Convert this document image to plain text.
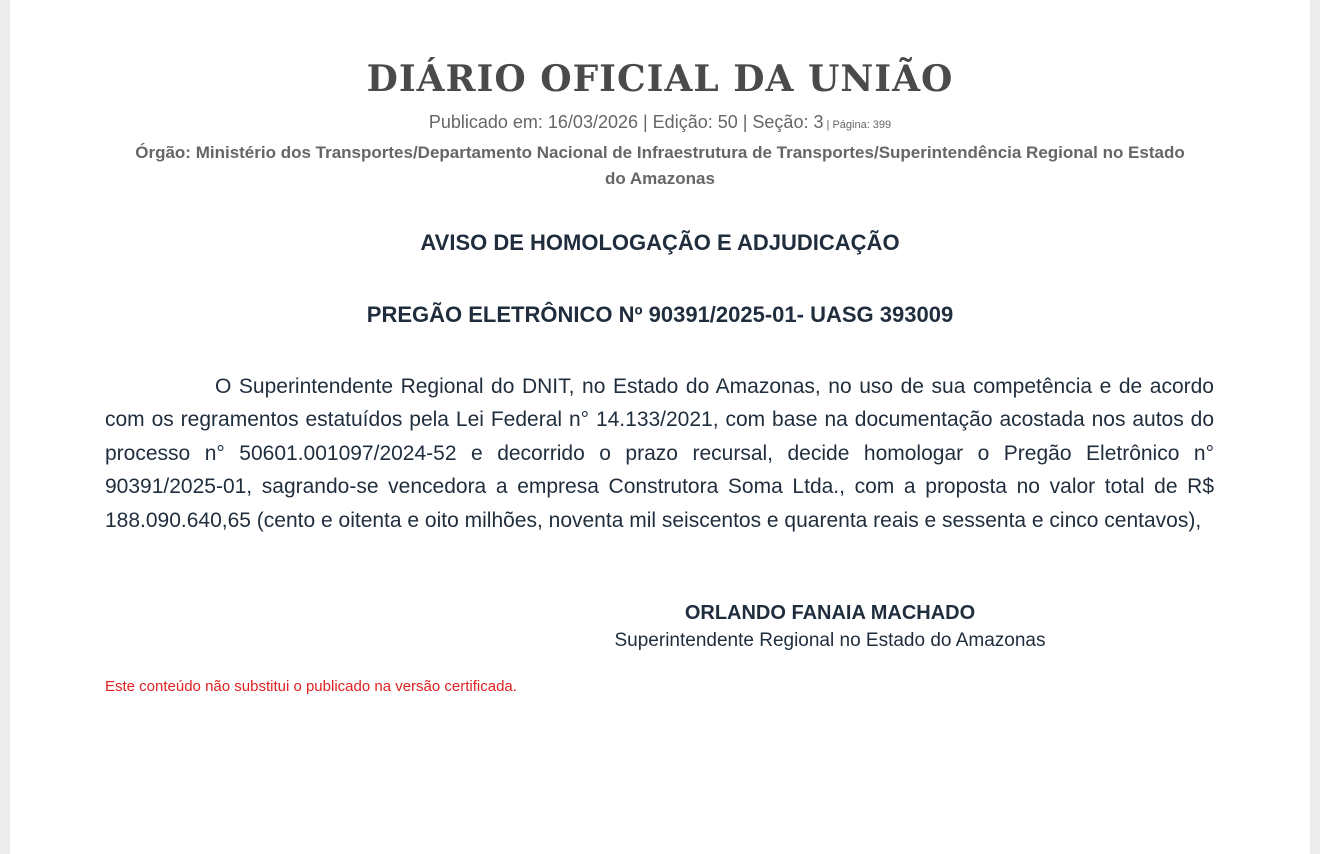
DIÁRIO OFICIAL DA UNIÃO
Publicado em: 16/03/2026 | Edição: 50 | Seção: 3 | Página: 399
Órgão: Ministério dos Transportes/Departamento Nacional de Infraestrutura de Transportes/Superintendência Regional no Estado do Amazonas
AVISO DE HOMOLOGAÇÃO E ADJUDICAÇÃO
PREGÃO ELETRÔNICO Nº 90391/2025-01- UASG 393009

O Superintendente Regional do DNIT, no Estado do Amazonas, no uso de sua competência e de acordo com os regramentos estatuídos pela Lei Federal n° 14.133/2021, com base na documentação acostada nos autos do processo n° 50601.001097/2024-52 e decorrido o prazo recursal, decide homologar o Pregão Eletrônico n° 90391/2025-01, sagrando-se vencedora a empresa Construtora Soma Ltda., com a proposta no valor total de R$ 188.090.640,65 (cento e oitenta e oito milhões, noventa mil seiscentos e quarenta reais e sessenta e cinco centavos),

ORLANDO FANAIA MACHADO
Superintendente Regional no Estado do Amazonas
Este conteúdo não substitui o publicado na versão certificada.
